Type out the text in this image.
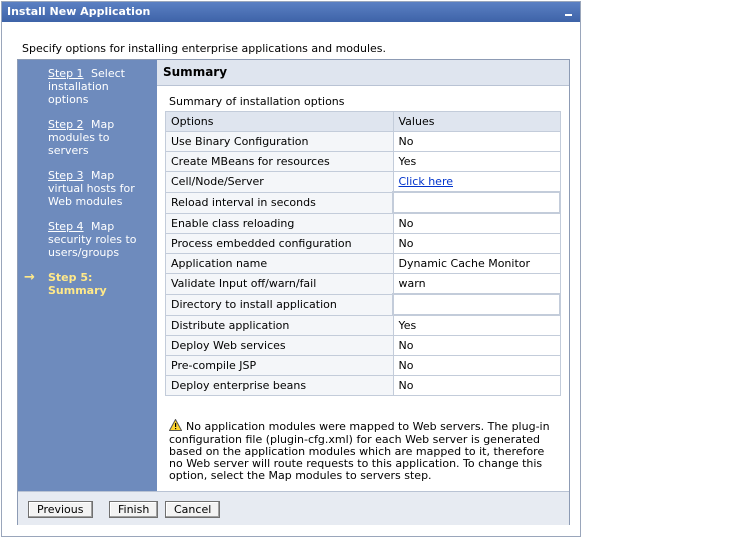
Install New Application
Specify options for installing enterprise applications and modules.
Step 1 Select installation options
Step 2 Map modules to servers
Step 3 Map virtual hosts for Web modules
Step 4 Map security roles to users/groups
→ Step 5: Summary
Summary
Summary of installation options
Options	Values
Use Binary Configuration	No
Create MBeans for resources	Yes
Cell/Node/Server	Click here
Reload interval in seconds	
Enable class reloading	No
Process embedded configuration	No
Application name	Dynamic Cache Monitor
Validate Input off/warn/fail	warn
Directory to install application	
Distribute application	Yes
Deploy Web services	No
Pre-compile JSP	No
Deploy enterprise beans	No
No application modules were mapped to Web servers. The plug-in configuration file (plugin-cfg.xml) for each Web server is generated based on the application modules which are mapped to it, therefore no Web server will route requests to this application. To change this option, select the Map modules to servers step.
Previous	Finish	Cancel
